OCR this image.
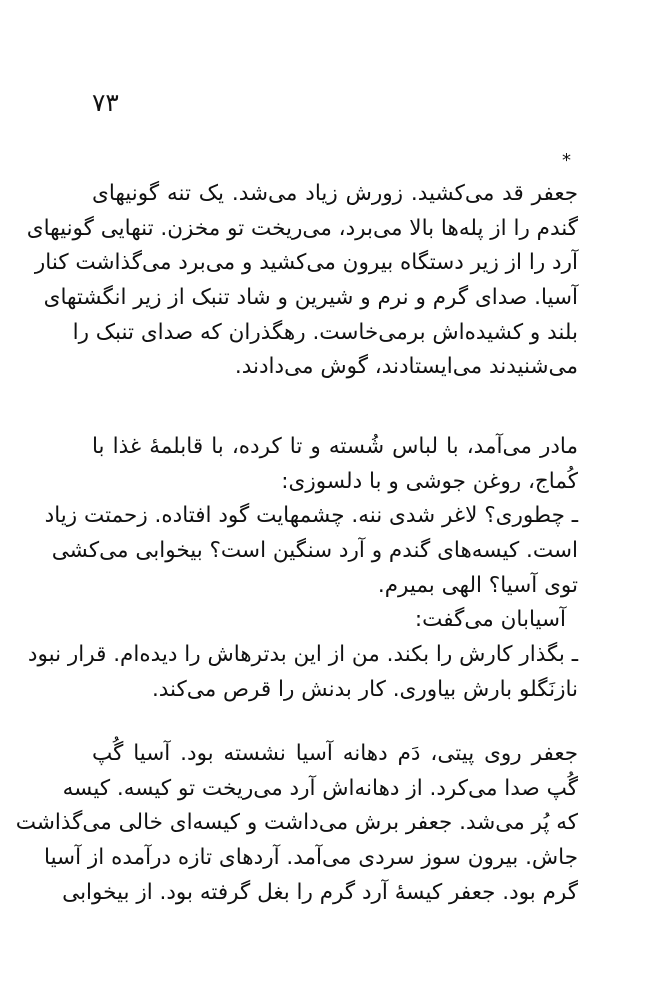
۷۳
*
جعفر قد می‌کشید. زورش زیاد می‌شد. یک تنه گونیهای
گندم را از پله‌ها بالا می‌برد، می‌ریخت تو مخزن. تنهایی گونیهای
آرد را از زیر دستگاه بیرون می‌کشید و می‌برد می‌گذاشت کنار
آسیا. صدای گرم و نرم و شیرین و شاد تنبک از زیر انگشتهای
بلند و کشیده‌اش برمی‌خاست. رهگذران که صدای تنبک را
می‌شنیدند می‌ایستادند، گوش می‌دادند.
مادر می‌آمد، با لباس شُسته و تا کرده، با قابلمهٔ غذا با
کُماج، روغن جوشی و با دلسوزی:
ـ چطوری؟ لاغر شدی ننه. چشمهایت گود افتاده. زحمتت زیاد
است. کیسه‌های گندم و آرد سنگین است؟ بیخوابی می‌کشی
توی آسیا؟ الهی بمیرم.
آسیابان می‌گفت:
ـ بگذار کارش را بکند. من از این بدترهاش را دیده‌ام. قرار نبود
نازنَگلو بارش بیاوری. کار بدنش را قرص می‌کند.
جعفر روی پیتی، دَم دهانه آسیا نشسته بود. آسیا گُپ
گُپ صدا می‌کرد. از دهانه‌اش آرد می‌ریخت تو کیسه. کیسه
که پُر می‌شد. جعفر برش می‌داشت و کیسه‌ای خالی می‌گذاشت
جاش. بیرون سوز سردی می‌آمد. آردهای تازه درآمده از آسیا
گرم بود. جعفر کیسهٔ آرد گرم را بغل گرفته بود. از بیخوابی
